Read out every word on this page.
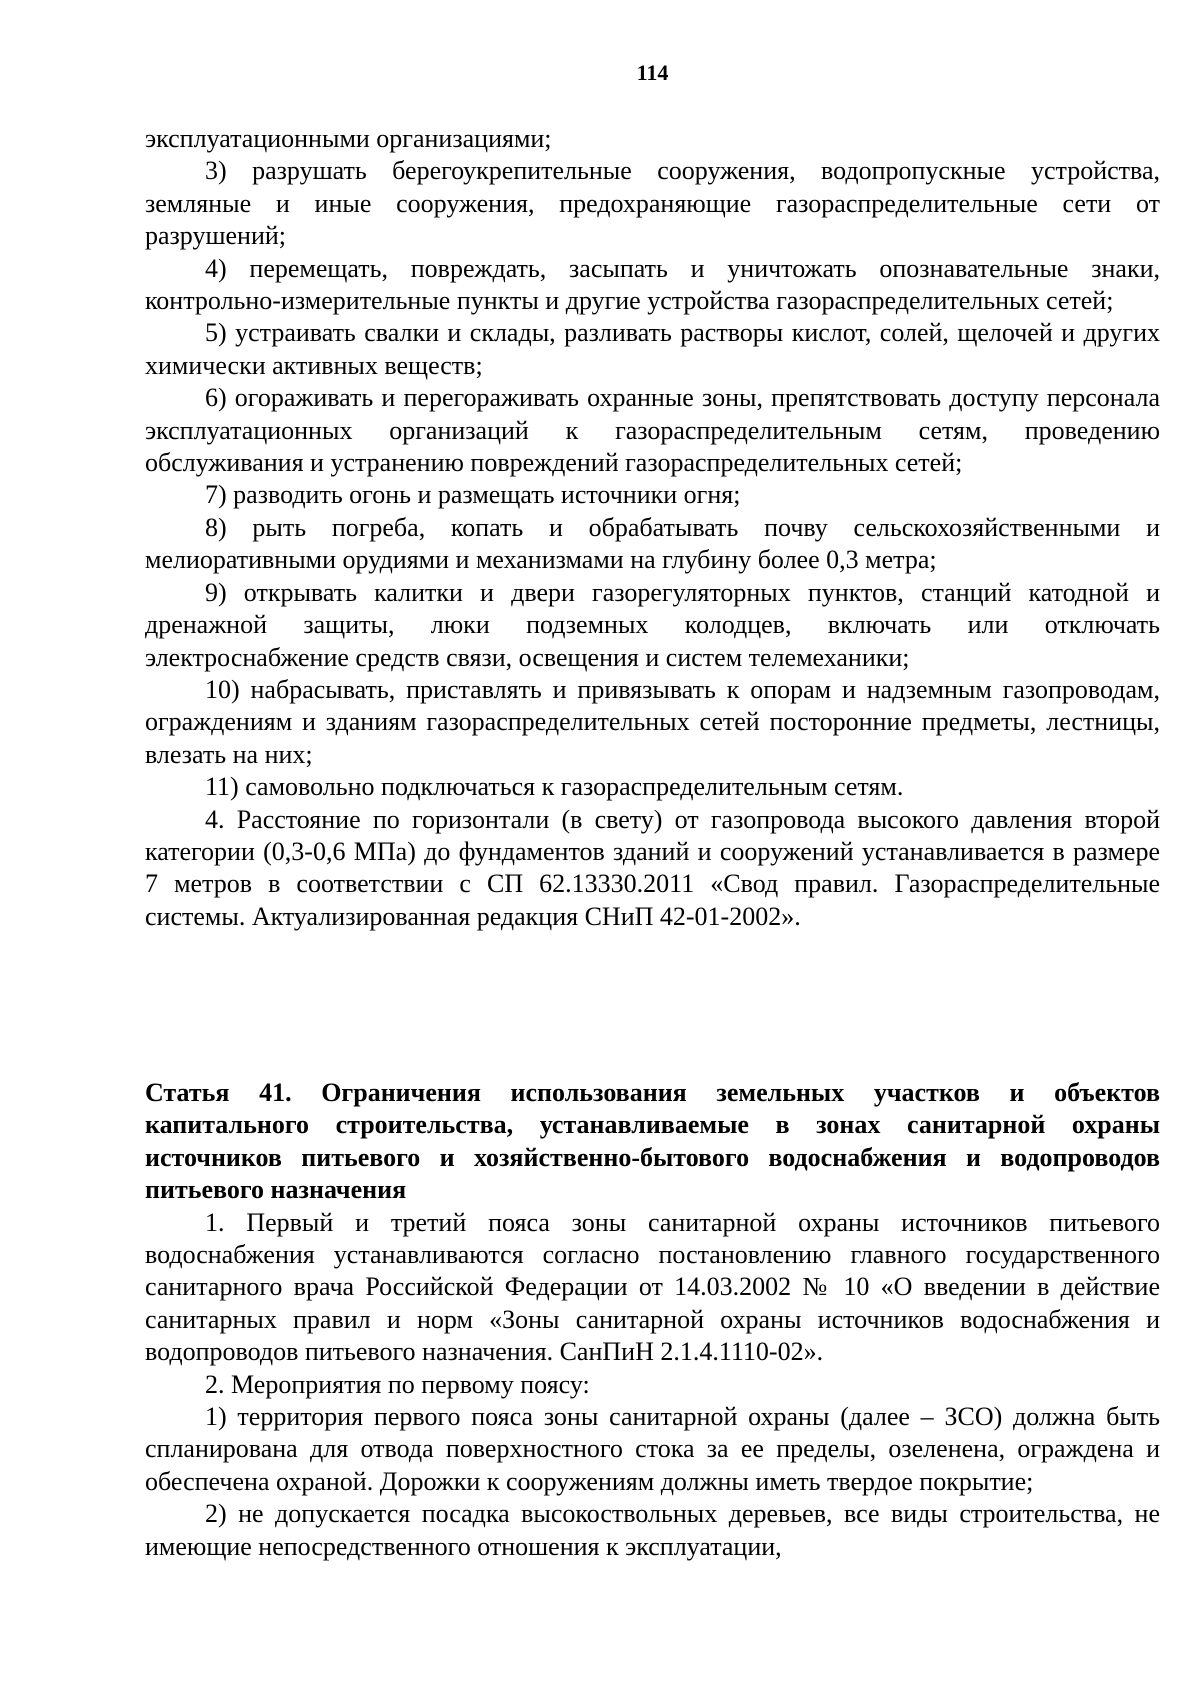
114

эксплуатационными организациями;

3) разрушать берегоукрепительные сооружения, водопропускные устройства, земляные и иные сооружения, предохраняющие газораспределительные сети от разрушений;

4) перемещать, повреждать, засыпать и уничтожать опознавательные знаки, контрольно-измерительные пункты и другие устройства газораспределительных сетей;

5) устраивать свалки и склады, разливать растворы кислот, солей, щелочей и других химически активных веществ;

6) огораживать и перегораживать охранные зоны, препятствовать доступу персонала эксплуатационных организаций к газораспределительным сетям, проведению обслуживания и устранению повреждений газораспределительных сетей;

7) разводить огонь и размещать источники огня;

8) рыть погреба, копать и обрабатывать почву сельскохозяйственными и мелиоративными орудиями и механизмами на глубину более 0,3 метра;

9) открывать калитки и двери газорегуляторных пунктов, станций катодной и дренажной защиты, люки подземных колодцев, включать или отключать электроснабжение средств связи, освещения и систем телемеханики;

10) набрасывать, приставлять и привязывать к опорам и надземным газопроводам, ограждениям и зданиям газораспределительных сетей посторонние предметы, лестницы, влезать на них;

11) самовольно подключаться к газораспределительным сетям.

4. Расстояние по горизонтали (в свету) от газопровода высокого давления второй категории (0,3-0,6 МПа) до фундаментов зданий и сооружений устанавливается в размере 7 метров в соответствии с СП 62.13330.2011 «Свод правил. Газораспределительные системы. Актуализированная редакция СНиП 42-01-2002».

Статья 41. Ограничения использования земельных участков и объектов капитального строительства, устанавливаемые в зонах санитарной охраны источников питьевого и хозяйственно-бытового водоснабжения и водопроводов питьевого назначения

1. Первый и третий пояса зоны санитарной охраны источников питьевого водоснабжения устанавливаются согласно постановлению главного государственного санитарного врача Российской Федерации от 14.03.2002 № 10 «О введении в действие санитарных правил и норм «Зоны санитарной охраны источников водоснабжения и водопроводов питьевого назначения. СанПиН 2.1.4.1110-02».

2. Мероприятия по первому поясу:

1) территория первого пояса зоны санитарной охраны (далее – ЗСО) должна быть спланирована для отвода поверхностного стока за ее пределы, озеленена, ограждена и обеспечена охраной. Дорожки к сооружениям должны иметь твердое покрытие;

2) не допускается посадка высокоствольных деревьев, все виды строительства, не имеющие непосредственного отношения к эксплуатации,
